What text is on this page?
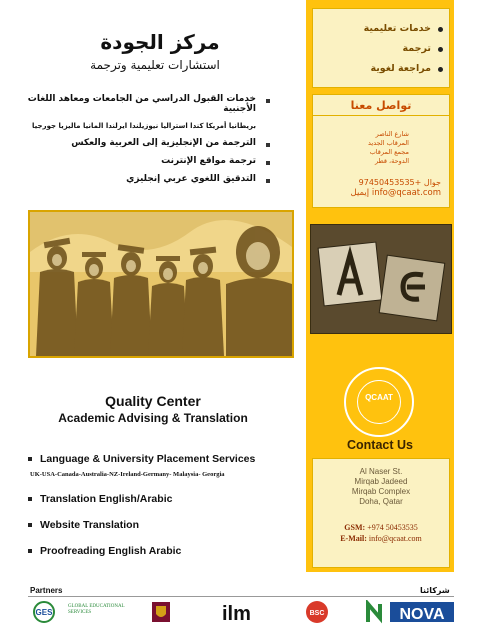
مركز الجودة
استشارات تعليمية وترجمة
خدمات القبول الدراسي من الجامعات ومعاهد اللغات الأجنبية
بريطانيا أمريكا كندا استراليا نيوزيلندا ايرلندا المانيا ماليزيا جورجيا
الترجمة من الإنجليزية إلى العربية والعكس
ترجمة مواقع الإنترنت
التدقيق اللغوي عربي إنجليزي
Quality Center
Academic Advising & Translation
Language & University Placement Services
UK-USA-Canada-Australia-NZ-Ireland-Germany- Malaysia- Georgia
Translation English/Arabic
Website Translation
Proofreading English Arabic
خدمات تعليمية
ترجمة
مراجعة لغوية
تواصل معنا
شارع الناصر
المرقاب الجديد
مجمع المرقاب
الدوحة، قطر
جوال +97450453535
info@qcaat.com إيميل
QCAAT
Contact Us
Al Naser St.
Mirqab Jadeed
Mirqab Complex
Doha, Qatar
GSM: +974 50453535
E-Mail: info@qcaat.com
Partners	شركائنا
GES
GLOBAL EDUCATIONAL SERVICES	ilm	BSC	NOVA
